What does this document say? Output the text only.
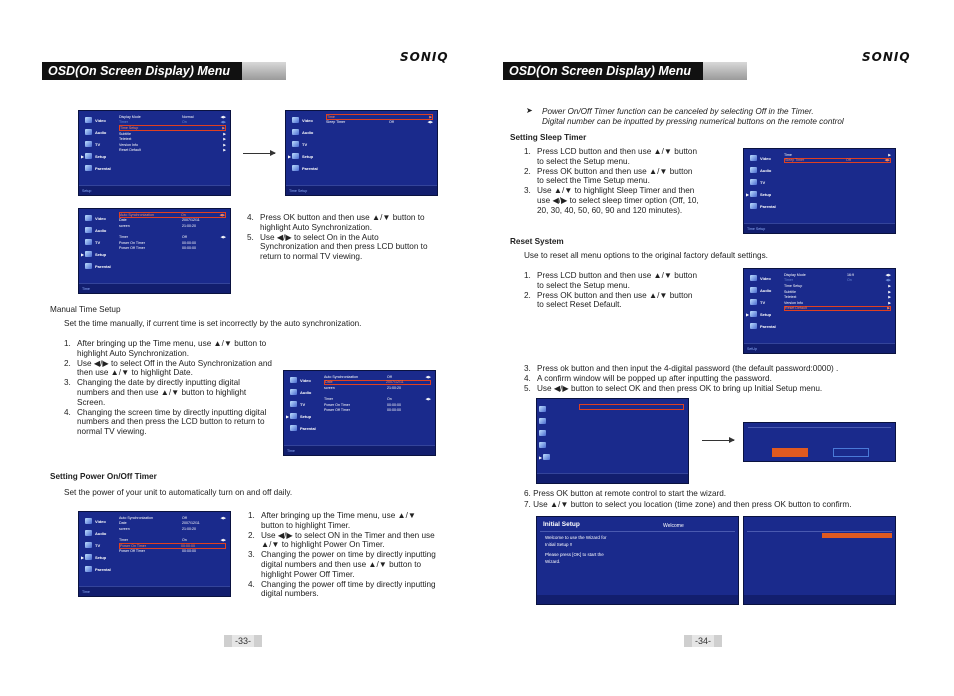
SONIQ
OSD(On Screen Display) Menu
Video
Audio
TV
▶	Setup
Parental
Display Mode	Normal	◀▶
Timer	On	◀▶
Time Setup	▶
Subtitle	▶
Teletext	▶
Version Info	▶
Reset Default	▶
Setup
Video
Audio
TV
▶	Setup
Parental
Time	▶
Sleep Timer	Off	◀▶
Time Setup
Video
Audio
TV
▶	Setup
Parental
Auto Synchronization	On	◀▶
Date	2007/12/11
screen	21:00:20
Timer	Off	◀▶
Power On Timer	00:00:00
Power Off Timer	00:00:00
Time
4. Press OK button and then use ▲/▼ button to highlight Auto Synchronization.
5. Use ◀/▶ to select On in the Auto Synchronization and then press LCD button to return to normal TV viewing.
Manual Time Setup
Set the time manually, if current time is set incorrectly by the auto synchronization.
1. After bringing up the Time menu, use ▲/▼ button to highlight Auto Synchronization.
2. Use ◀/▶ to select Off in the Auto Synchronization and then use ▲/▼ to highlight Date.
3. Changing the date by directly inputting digital numbers and then use ▲/▼ button to highlight Screen.
4. Changing the screen time by directly inputting digital numbers and then press the LCD button to return to normal TV viewing.
Video
Audio
TV
▶	Setup
Parental
Auto Synchronization	Off	◀▶
Date	2007/12/11
screen	21:00:20
Timer	On	◀▶
Power On Timer	00:00:00
Power Off Timer	00:00:00
Time
Setting Power On/Off Timer
Set the power of your unit to automatically turn on and off daily.
Video
Audio
TV
▶	Setup
Parental
Auto Synchronization	Off	◀▶
Date	2007/12/11
screen	21:00:20
Timer	On	◀▶
Power On Timer	00:00:00
Power Off Timer	00:00:00
Time
1. After bringing up the Time menu, use ▲/▼ button to highlight Timer.
2. Use ◀/▶ to select ON in the Timer and then use ▲/▼ to highlight Power On Timer.
3. Changing the power on time by directly inputting digital numbers and then use ▲/▼ button to highlight Power Off Timer.
4. Changing the power off time by directly inputting digital numbers.
-33-
SONIQ
OSD(On Screen Display) Menu
➤ Power On/Off Timer function can be canceled by selecting Off in the Timer.
Digital number can be inputted by pressing numerical buttons on the remote control
Setting Sleep Timer
1. Press LCD button and then use ▲/▼ button to select the Setup menu.
2. Press OK button and then use ▲/▼ button to select the Time Setup menu.
3. Use ▲/▼ to highlight Sleep Timer and then use ◀/▶ to select sleep timer option (Off, 10, 20, 30, 40, 50, 60, 90 and 120 minutes).
Video
Audio
TV
▶	Setup
Parental
Time	▶
Sleep Timer	Off	◀▶
Time Setup
Reset System
Use to reset all menu options to the original factory default settings.
1. Press LCD button and then use ▲/▼ button to select the Setup menu.
2. Press OK button and then use ▲/▼ button to select Reset Default.
Video
Audio
TV
▶	Setup
Parental
Display Mode	16:9	◀▶
Timer	On	◀▶
Time Setup	▶
Subtitle	▶
Teletext	▶
Version Info	▶
Reset Default	▶
SetUp
3. Press ok button and then input the 4-digital password (the default password:0000) .
4. A confirm window will be popped up after inputting the password.
5. Use ◀/▶ button to select OK and then press OK to bring up Initial Setup menu.
▶
6. Press OK button at remote control to start the wizard.
7. Use ▲/▼ button to select you location (time zone) and then press OK button to confirm.
Initial Setup	Welcome
Welcome to use the Wizard for
Initial Setup !!
Please press [OK] to start the
Wizard.
-34-
